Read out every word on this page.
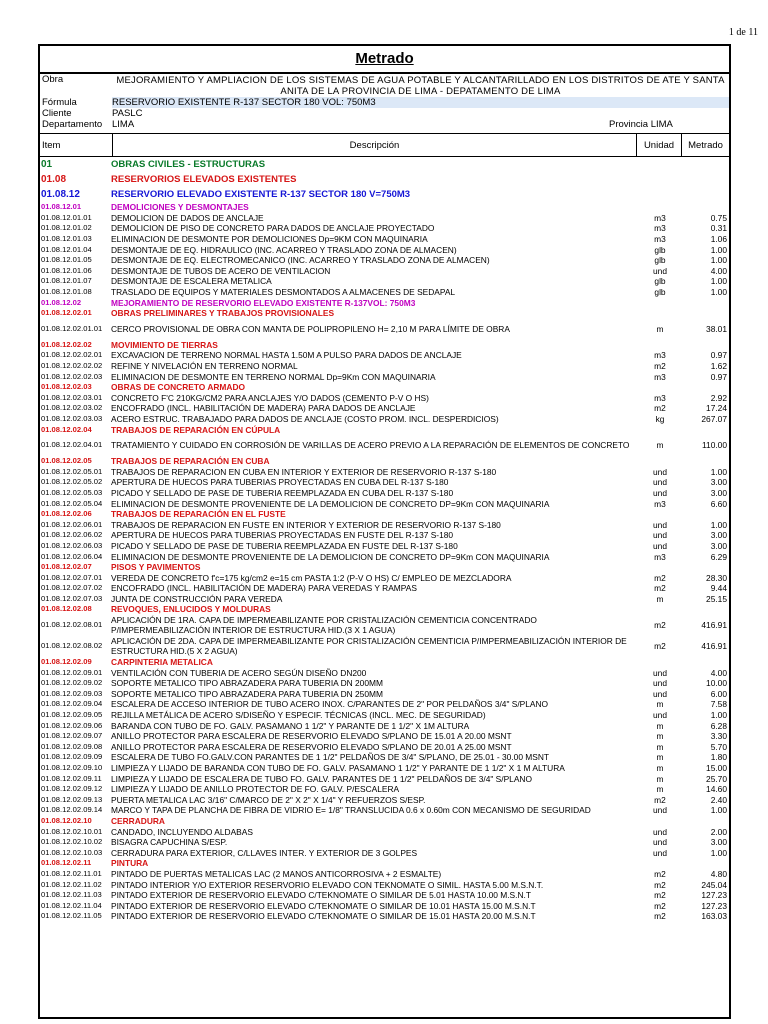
1 de 11
Metrado
Obra	MEJORAMIENTO Y AMPLIACION DE LOS SISTEMAS DE AGUA POTABLE Y ALCANTARILLADO EN LOS DISTRITOS DE ATE Y SANTA ANITA DE LA PROVINCIA DE LIMA - DEPATAMENTO DE LIMA
Fórmula	RESERVORIO EXISTENTE R-137 SECTOR 180 VOL: 750M3
Cliente	PASLC
Departamento	LIMA	Provincia LIMA
Item	Descripción	Unidad	Metrado
01	OBRAS CIVILES - ESTRUCTURAS
01.08	RESERVORIOS ELEVADOS EXISTENTES
01.08.12	RESERVORIO ELEVADO EXISTENTE R-137 SECTOR 180 V=750M3
01.08.12.01	DEMOLICIONES Y DESMONTAJES
01.08.12.01.01	DEMOLICION DE DADOS DE ANCLAJE	m3	0.75
01.08.12.01.02	DEMOLICION DE PISO DE CONCRETO PARA DADOS DE ANCLAJE PROYECTADO	m3	0.31
01.08.12.01.03	ELIMINACION DE DESMONTE POR DEMOLICIONES Dp=9KM CON MAQUINARIA	m3	1.06
01.08.12.01.04	DESMONTAJE DE EQ. HIDRAULICO (INC. ACARREO Y TRASLADO ZONA DE ALMACEN)	glb	1.00
01.08.12.01.05	DESMONTAJE DE EQ. ELECTROMECANICO (INC. ACARREO Y TRASLADO ZONA DE ALMACEN)	glb	1.00
01.08.12.01.06	DESMONTAJE DE TUBOS DE ACERO DE VENTILACION	und	4.00
01.08.12.01.07	DESMONTAJE DE ESCALERA METALICA	glb	1.00
01.08.12.01.08	TRASLADO DE EQUIPOS Y MATERIALES DESMONTADOS A ALMACENES DE SEDAPAL	glb	1.00
01.08.12.02	MEJORAMIENTO DE RESERVORIO ELEVADO EXISTENTE R-137VOL: 750M3
01.08.12.02.01	OBRAS PRELIMINARES Y TRABAJOS PROVISIONALES
01.08.12.02.01.01	CERCO PROVISIONAL DE OBRA CON MANTA DE POLIPROPILENO H= 2,10 M PARA LÍMITE DE OBRA	m	38.01
01.08.12.02.02	MOVIMIENTO DE TIERRAS
01.08.12.02.02.01	EXCAVACION DE TERRENO NORMAL HASTA 1.50M A PULSO PARA DADOS DE ANCLAJE	m3	0.97
01.08.12.02.02.02	REFINE Y NIVELACIÓN EN TERRENO NORMAL	m2	1.62
01.08.12.02.02.03	ELIMINACION DE DESMONTE EN TERRENO NORMAL Dp=9Km CON MAQUINARIA	m3	0.97
01.08.12.02.03	OBRAS DE CONCRETO ARMADO
01.08.12.02.03.01	CONCRETO F'C 210KG/CM2 PARA ANCLAJES Y/O DADOS (CEMENTO P-V O HS)	m3	2.92
01.08.12.02.03.02	ENCOFRADO (INCL. HABILITACIÓN DE MADERA) PARA DADOS DE ANCLAJE	m2	17.24
01.08.12.02.03.03	ACERO ESTRUC. TRABAJADO PARA DADOS DE ANCLAJE (COSTO PROM. INCL. DESPERDICIOS)	kg	267.07
01.08.12.02.04	TRABAJOS DE REPARACIÓN EN CÚPULA
01.08.12.02.04.01	TRATAMIENTO Y CUIDADO EN CORROSIÓN DE VARILLAS DE ACERO PREVIO A LA REPARACIÓN DE ELEMENTOS DE CONCRETO	m	110.00
01.08.12.02.05	TRABAJOS DE REPARACIÓN EN CUBA
01.08.12.02.05.01	TRABAJOS DE REPARACION EN CUBA EN INTERIOR Y EXTERIOR DE RESERVORIO R-137 S-180	und	1.00
01.08.12.02.05.02	APERTURA DE HUECOS PARA TUBERIAS PROYECTADAS EN CUBA DEL R-137 S-180	und	3.00
01.08.12.02.05.03	PICADO Y SELLADO DE PASE DE TUBERIA REEMPLAZADA EN CUBA DEL R-137 S-180	und	3.00
01.08.12.02.05.04	ELIMINACION DE DESMONTE PROVENIENTE DE LA DEMOLICION DE CONCRETO DP=9Km CON MAQUINARIA	m3	6.60
01.08.12.02.06	TRABAJOS DE REPARACIÓN EN EL FUSTE
01.08.12.02.06.01	TRABAJOS DE REPARACION EN FUSTE EN INTERIOR Y EXTERIOR DE RESERVORIO R-137 S-180	und	1.00
01.08.12.02.06.02	APERTURA DE HUECOS PARA TUBERIAS PROYECTADAS EN FUSTE DEL R-137 S-180	und	3.00
01.08.12.02.06.03	PICADO Y SELLADO DE PASE DE TUBERIA REEMPLAZADA EN FUSTE DEL R-137 S-180	und	3.00
01.08.12.02.06.04	ELIMINACION DE DESMONTE PROVENIENTE DE LA DEMOLICION DE CONCRETO DP=9Km CON MAQUINARIA	m3	6.29
01.08.12.02.07	PISOS Y PAVIMENTOS
01.08.12.02.07.01	VEREDA DE CONCRETO f'c=175 kg/cm2 e=15 cm PASTA 1:2 (P-V O HS) C/ EMPLEO DE MEZCLADORA	m2	28.30
01.08.12.02.07.02	ENCOFRADO (INCL. HABILITACIÓN DE MADERA) PARA VEREDAS Y RAMPAS	m2	9.44
01.08.12.02.07.03	JUNTA DE CONSTRUCCIÓN PARA VEREDA	m	25.15
01.08.12.02.08	REVOQUES, ENLUCIDOS Y MOLDURAS
01.08.12.02.08.01	APLICACIÓN DE 1RA. CAPA DE IMPERMEABILIZANTE POR CRISTALIZACIÓN CEMENTICIA CONCENTRADO P/IMPERMEABILIZACIÓN INTERIOR DE ESTRUCTURA HID.(3 X 1 AGUA)	m2	416.91
01.08.12.02.08.02	APLICACIÓN DE 2DA. CAPA DE IMPERMEABILIZANTE POR CRISTALIZACIÓN CEMENTICIA P/IMPERMEABILIZACIÓN INTERIOR DE ESTRUCTURA HID.(5 X 2 AGUA)	m2	416.91
01.08.12.02.09	CARPINTERIA METALICA
01.08.12.02.09.01	VENTILACIÓN CON TUBERIA DE ACERO SEGÚN DISEÑO DN200	und	4.00
01.08.12.02.09.02	SOPORTE METALICO TIPO ABRAZADERA PARA TUBERIA DN 200MM	und	10.00
01.08.12.02.09.03	SOPORTE METALICO TIPO ABRAZADERA PARA TUBERIA DN 250MM	und	6.00
01.08.12.02.09.04	ESCALERA DE ACCESO INTERIOR DE TUBO ACERO INOX. C/PARANTES DE 2" POR PELDAÑOS 3/4" S/PLANO	m	7.58
01.08.12.02.09.05	REJILLA METÁLICA DE ACERO S/DISEÑO Y ESPECIF. TÉCNICAS (INCL. MEC. DE SEGURIDAD)	und	1.00
01.08.12.02.09.06	BARANDA CON TUBO DE FO. GALV. PASAMANO 1 1/2" Y PARANTE DE 1 1/2" X 1M ALTURA	m	6.28
01.08.12.02.09.07	ANILLO PROTECTOR PARA ESCALERA DE RESERVORIO ELEVADO S/PLANO DE 15.01 A 20.00 MSNT	m	3.30
01.08.12.02.09.08	ANILLO PROTECTOR PARA ESCALERA DE RESERVORIO ELEVADO S/PLANO DE 20.01 A 25.00 MSNT	m	5.70
01.08.12.02.09.09	ESCALERA DE TUBO FO.GALV.CON PARANTES DE 1 1/2" PELDAÑOS DE 3/4" S/PLANO, DE 25.01 - 30.00 MSNT	m	1.80
01.08.12.02.09.10	LIMPIEZA Y LIJADO DE BARANDA CON TUBO DE FO. GALV. PASAMANO 1 1/2" Y PARANTE DE 1 1/2" X 1 M ALTURA	m	15.00
01.08.12.02.09.11	LIMPIEZA Y LIJADO DE ESCALERA DE TUBO FO. GALV. PARANTES DE 1 1/2" PELDAÑOS DE 3/4" S/PLANO	m	25.70
01.08.12.02.09.12	LIMPIEZA Y LIJADO DE ANILLO PROTECTOR DE FO. GALV. P/ESCALERA	m	14.60
01.08.12.02.09.13	PUERTA METALICA LAC 3/16" C/MARCO DE 2" X 2" X 1/4" Y REFUERZOS S/ESP.	m2	2.40
01.08.12.02.09.14	MARCO Y TAPA DE PLANCHA DE FIBRA DE VIDRIO E= 1/8" TRANSLUCIDA 0.6 x 0.60m CON MECANISMO DE SEGURIDAD	und	1.00
01.08.12.02.10	CERRADURA
01.08.12.02.10.01	CANDADO, INCLUYENDO ALDABAS	und	2.00
01.08.12.02.10.02	BISAGRA CAPUCHINA S/ESP.	und	3.00
01.08.12.02.10.03	CERRADURA PARA EXTERIOR, C/LLAVES INTER. Y EXTERIOR DE 3 GOLPES	und	1.00
01.08.12.02.11	PINTURA
01.08.12.02.11.01	PINTADO DE PUERTAS METALICAS LAC (2 MANOS ANTICORROSIVA + 2 ESMALTE)	m2	4.80
01.08.12.02.11.02	PINTADO INTERIOR Y/O EXTERIOR RESERVORIO ELEVADO CON TEKNOMATE O SIMIL. HASTA 5.00 M.S.N.T.	m2	245.04
01.08.12.02.11.03	PINTADO EXTERIOR DE RESERVORIO ELEVADO C/TEKNOMATE O SIMILAR DE 5.01 HASTA 10.00 M.S.N.T	m2	127.23
01.08.12.02.11.04	PINTADO EXTERIOR DE RESERVORIO ELEVADO C/TEKNOMATE O SIMILAR DE 10.01 HASTA 15.00 M.S.N.T	m2	127.23
01.08.12.02.11.05	PINTADO EXTERIOR DE RESERVORIO ELEVADO C/TEKNOMATE O SIMILAR DE 15.01 HASTA 20.00 M.S.N.T	m2	163.03
